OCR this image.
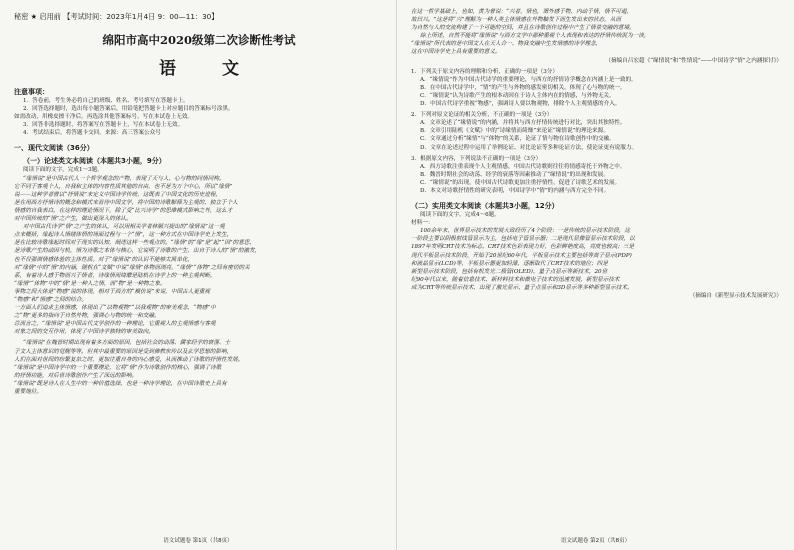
秘密 ★ 启用前 【考试时间：2023年1月4日 9：00—11：30】
绵阳市高中2020级第二次诊断性考试
语 文
注意事项：
1．答卷前，考生务必将自己的班级、姓名、考号填写在答题卡上。
2．回答选择题时，选出每小题答案后，用铅笔把答题卡上对应题目的答案标号涂黑。
如需改动，用橡皮擦干净后，再选涂其他答案标号。写在本试卷上无效。
3．回答非选择题时，将答案写在答题卡上，写在本试卷上无效。
4．考试结束后，将答题卡交回。来源：高三答案公众号
一、现代文阅读（36分）
（一）论述类文本阅读（本题共3小题，9分）
阅读下面的文字，完成1～3题。
“缘情说”是中国古代人一个哲学观念的产物，表现了天与人、心与物的同情同构。
它不同于客观个人，自我和主体的内容性质其他的自由，也不是为万个中心，所以“缘情”
说——这种学者曾以“抒情说”来定义中国诗学传统，这既表了中国文化的历史进程，
是在用西方抒情诗的概念和模式来看待中国文学，将中国的诗歌解释为主观的、独立于个人
情感的自我表白。在这样的理论情况下，除了受“比兴诗学”的思维模式影响之外，这么才
对中国传统的“情”之产生，做出更深入的体认。
对中国古代诗学“情”之产生的体认，可以用相关学者林顺兴提出的“缘情说”这一观
点来概括，缘起诗人情绪体悟的场面过程与一个“情”，这一种方式在中国诗学史上发生，
是在比较诗歌缘起时间对于现实的认知，阐述这样一些观点的。“缘情”的“缘”是“起”“因”的意思，
是诗歌产生的动因与机，情为诗歌之本体与核心，它说明了诗歌的产生，出自于诗人的“情”的激发，
也不仅强调情感体验的主体性质。对于“缘情说”的认识不能够太简单化，
对“缘情”中的“情”的内涵，随机在“文赋”中说“缘情”体物而浏亮，“缘情”“体物”之间有密切的关
系，有着诗人感于物而兴于情者，诗缘情而绮靡是陆机在诗学上的一种主观判断。
“缘情”“体物”中的“情”是一种人之情，而“物”是一种物之象。
事物之间大体是“物感”说的体现，相对于西方的“模仿说”来说，中国古人更重视
“物感”和“情感”之间的结合。
一方面人们追求主体情感，体现出了“以物观物”“以我观物”的审美观念，“物感”中
之“物”更多的指向于自然外物，强调心与物的统一和交融。
总而言之，“缘情说”是中国古代文学创作的一种理论，它重视人的主观情感与客观
对象之间的交互作用，体现了中国诗学独特的审美取向。
“缘情说”在魏晋时期出现有着多方面的原因，包括社会的动荡、儒家经学的衰落、士
子文人主体意识的觉醒等等。但其中最重要的原因是受到佛教东传以及玄学思想的影响，
人们在面对世间的纷繁复杂之时，更加注重自身的内心感受，从而推动了诗歌的抒情性发展。
“缘情说”是中国诗学中的一个重要理论，它将“情”作为诗歌创作的核心，强调了诗歌
的抒情功能，对后世诗歌创作产生了深远的影响。
“缘情说”既是诗人在人生中的一种价值选择，也是一种诗学理论，在中国诗歌史上具有
重要地位。
语文试题卷 第1页（共8页）
在这一哲学基础上，也如，黄为曾说：“兴者，情也，谓外感于物，内动于情，情不可遏，
故曰兴。”这是将“兴”理解为一种人类主体情感在外物触发下而生发出来的状态，从而
为自然与人的交流构建了一个可能的空间，并且在诗歌创作过程中产生了情景交融的意境。
综上所述，自然不能将“缘情说”与西方文学中那种重视个人表现和表达的抒情传统混为一谈，
“缘情说”所代表的是中国文人在天人合一、物我交融中生发情感的诗学理念，
这在中国诗学史上具有重要的意义。
（摘编自吕宏超《“缘情说”和“性情说”——中国诗学“情”之内涵探讨》）
1．下列关于原文内容的理解和分析，正确的一项是（3分）
A．“缘情说”作为中国古代诗学的重要理论，与西方的抒情诗学概念在内涵上是一致的。
B．在中国古代诗学中，“情”的产生与外物的感发密切相关，体现了心与物的统一。
C．“缘情说”认为诗歌产生的根本动因在于诗人主体内在的情感，与外物无关。
D．中国古代诗学重视“物感”，强调诗人要以物观物，排除个人主观情感的介入。
2．下列对原文论证的相关分析，不正确的一项是（3分）
A．文章论述了“缘情说”的内涵，并将其与西方抒情传统进行对比，突出其独特性。
B．文章引用陆机《文赋》中的“诗缘情而绮靡”来论证“缘情说”的理论来源。
C．文章通过分析“缘情”与“体物”的关系，论证了情与物在诗歌创作中的交融。
D．文章在论述过程中运用了举例论证、对比论证等多种论证方法，使论证更有说服力。
3．根据原文内容，下列说法不正确的一项是（3分）
A．西方诗歌注重表现个人主观情感，中国古代诗歌则往往将情感寄托于外物之中。
B．魏晋时期社会的动荡、经学的衰落等因素推动了“缘情说”的出现和发展。
C．“缘情说”的出现，使中国古代诗歌更加注重抒情性，促进了诗歌艺术的发展。
D．本文对诗歌抒情性的研究表明，中国诗学中“情”的内涵与西方完全不同。
（二）实用类文本阅读（本题共3小题，12分）
阅读下面的文字，完成4～6题。
材料一：
100余年来，世界显示技术的发展大致经历了4个阶段：一是传统的显示技术阶段，这
一阶段主要以阴极射线管显示为主，包括电子管显示器；二是现代显像管显示技术阶段，以
1897年发明CRT技术为标志。CRT技术色彩表现力好，色彩鲜艳度高，亮度也较高；三是
现代平板显示技术阶段，开始于20世纪60年代，平板显示技术主要包括等离子显示(PDP)
和液晶显示(LCD)等，平板显示器更加轻薄，逐渐取代了CRT技术的地位；四是
新型显示技术阶段，包括有机发光二极管(OLED)、量子点显示等新技术，20世
纪90年代以来，随着信息技术、新材料技术和微电子技术的迅速发展，新型显示技术
成为CRT等传统显示技术，出现了激光显示、量子点显示和3D显示等多种新型显示技术。
（摘编自《新型显示技术发展研究》）
语文试题卷 第2页（共8页）
